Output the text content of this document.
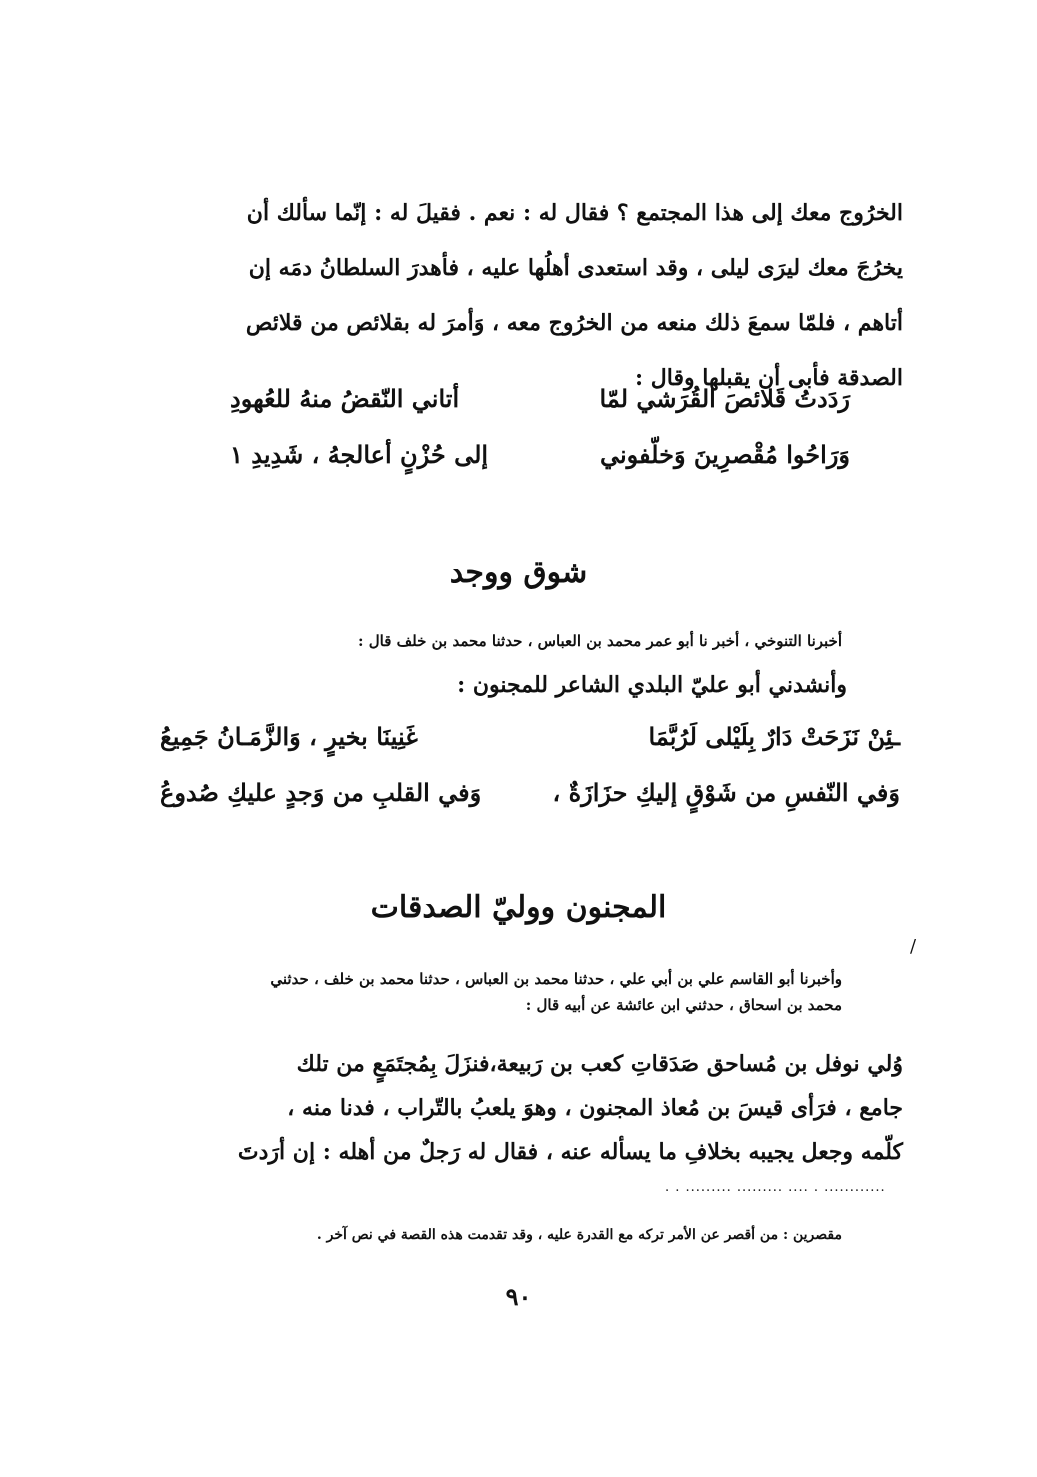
الخرُوج معك إلى هذا المجتمع ؟ فقال له : نعم . فقيلَ له : إنّما سألك أن
يخرُجَ معك ليرَى ليلى ، وقد استعدى أهلُها عليه ، فأهدرَ السلطانُ دمَه إن
أتاهم ، فلمّا سمعَ ذلك منعه من الخرُوج معه ، وَأمرَ له بقلائص من قلائص
الصدقة فأبى أن يقبلها وقال :
رَدَدتُ قَلائصَ القُرَشي لمّا
أتاني النّقضُ منهُ للعُهودِ
وَرَاحُوا مُقْصرِينَ وَخلّفوني
إلى حُزْنٍ أعالجهُ ، شَدِيدِ ١
شوق ووجد
أخبرنا التنوخي ، أخبر نا أبو عمر محمد بن العباس ، حدثنا محمد بن خلف قال :
وأنشدني أبو عليّ البلدي الشاعر للمجنون :
ـئِنْ نَزَحَتْ دَارٌ بِلَيْلى لَرُبَّمَا
غَنِينَا بخيرٍ ، وَالزَّمَـانُ جَمِيعُ
وَفي النّفسِ من شَوْقٍ إليكِ حزَازَةٌ ،
وَفي القلبِ من وَجدٍ عليكِ صُدوعُ
المجنون ووليّ الصدقات
/
وأخبرنا أبو القاسم علي بن أبي علي ، حدثنا محمد بن العباس ، حدثنا محمد بن خلف ، حدثني
محمد بن اسحاق ، حدثني ابن عائشة عن أبيه قال :
وُلي نوفل بن مُساحق صَدَقاتِ كعب بن رَبيعة،فنزَلَ بِمُجتَمَعٍ من تلك
جامع ، فرَأى قيسَ بن مُعاذ المجنون ، وهوَ يلعبُ بالتّراب ، فدنا منه ،
كلّمه وجعل يجيبه بخلافِ ما يسأله عنه ، فقال له رَجلٌ من أهله : إن أرَدتَ
. . ......... ......... .... . ............
مقصرين : من أقصر عن الأمر تركه مع القدرة عليه ، وقد تقدمت هذه القصة في نص آخر .
٩٠
